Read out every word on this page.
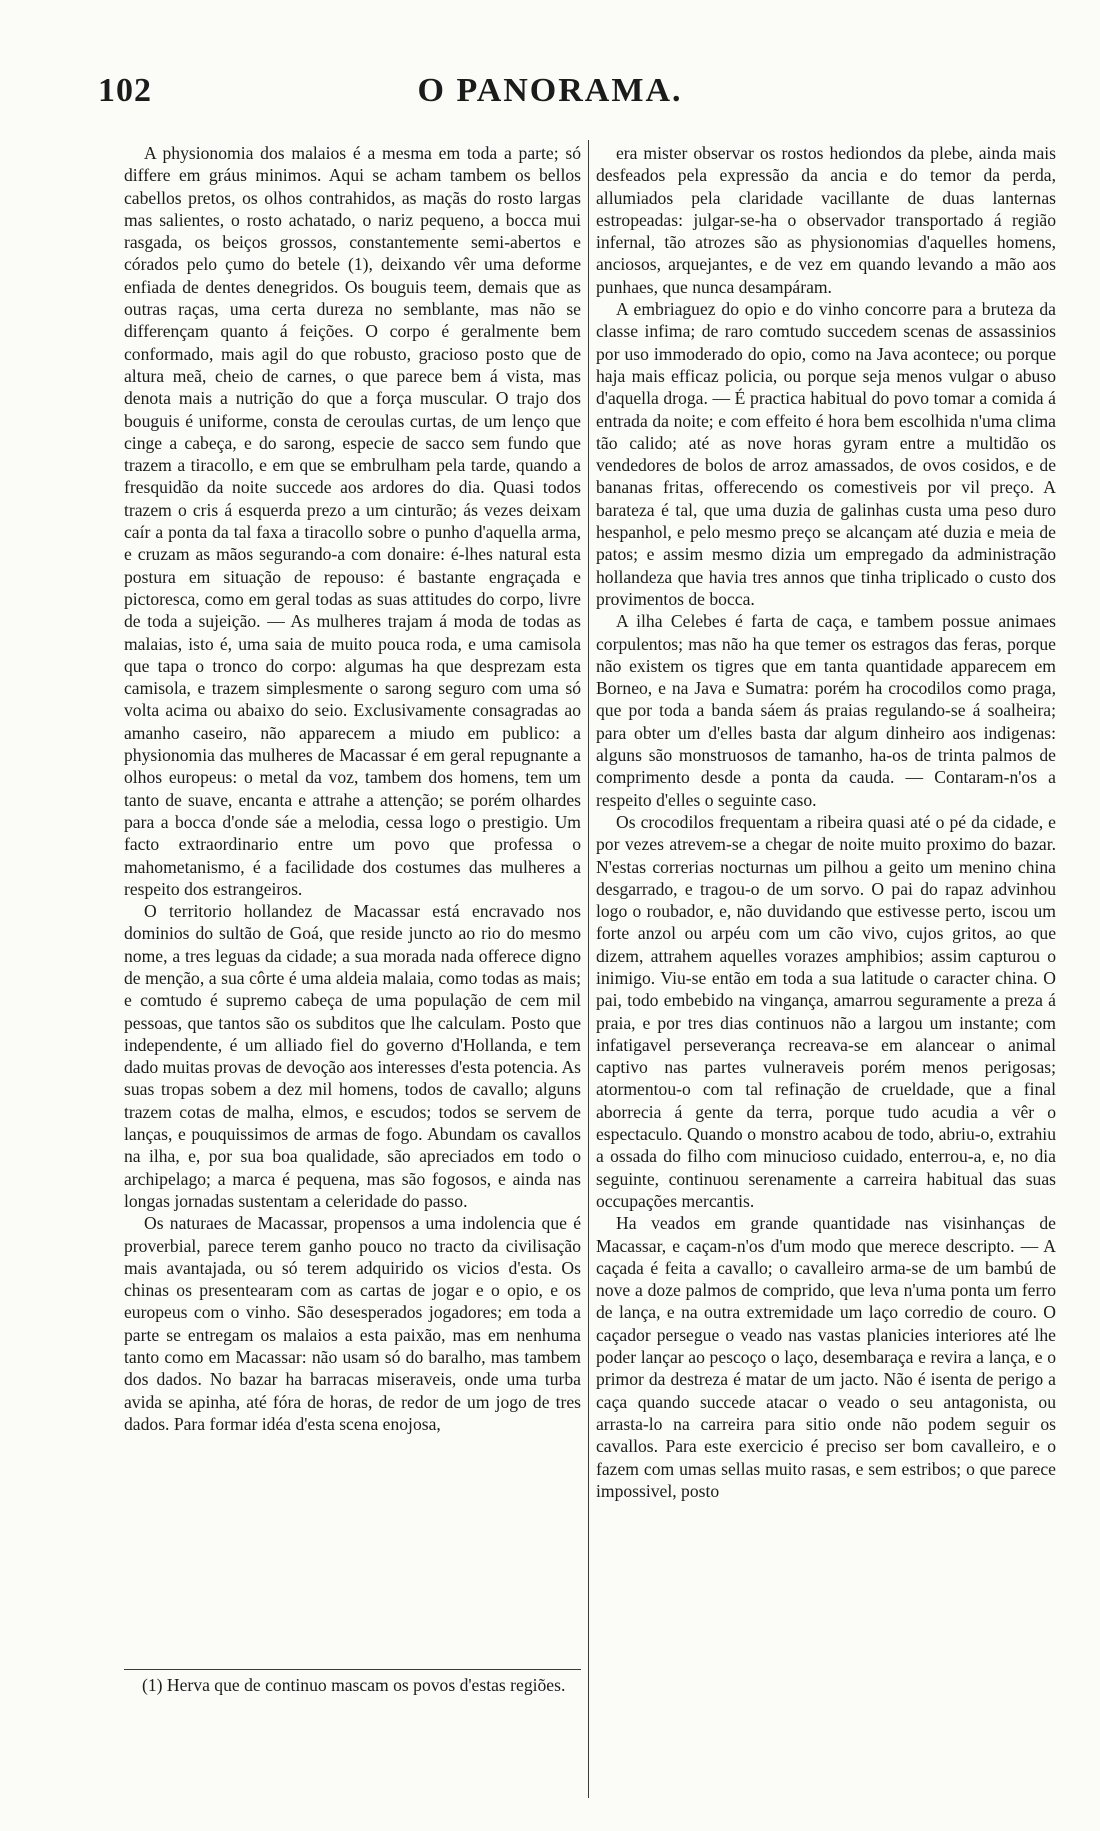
102	O PANORAMA.

A physionomia dos malaios é a mesma em toda a parte; só differe em gráus minimos. Aqui se acham tambem os bellos cabellos pretos, os olhos contrahidos, as maçãs do rosto largas mas salientes, o rosto achatado, o nariz pequeno, a bocca mui rasgada, os beiços grossos, constantemente semi-abertos e córados pelo çumo do betele (1), deixando vêr uma deforme enfiada de dentes denegridos. Os bouguis teem, demais que as outras raças, uma certa dureza no semblante, mas não se differençam quanto á feições. O corpo é geralmente bem conformado, mais agil do que robusto, gracioso posto que de altura meã, cheio de carnes, o que parece bem á vista, mas denota mais a nutrição do que a força muscular. O trajo dos bouguis é uniforme, consta de ceroulas curtas, de um lenço que cinge a cabeça, e do sarong, especie de sacco sem fundo que trazem a tiracollo, e em que se embrulham pela tarde, quando a fresquidão da noite succede aos ardores do dia. Quasi todos trazem o cris á esquerda prezo a um cinturão; ás vezes deixam caír a ponta da tal faxa a tiracollo sobre o punho d'aquella arma, e cruzam as mãos segurando-a com donaire: é-lhes natural esta postura em situação de repouso: é bastante engraçada e pictoresca, como em geral todas as suas attitudes do corpo, livre de toda a sujeição. — As mulheres trajam á moda de todas as malaias, isto é, uma saia de muito pouca roda, e uma camisola que tapa o tronco do corpo: algumas ha que desprezam esta camisola, e trazem simplesmente o sarong seguro com uma só volta acima ou abaixo do seio. Exclusivamente consagradas ao amanho caseiro, não apparecem a miudo em publico: a physionomia das mulheres de Macassar é em geral repugnante a olhos europeus: o metal da voz, tambem dos homens, tem um tanto de suave, encanta e attrahe a attenção; se porém olhardes para a bocca d'onde sáe a melodia, cessa logo o prestigio. Um facto extraordinario entre um povo que professa o mahometanismo, é a facilidade dos costumes das mulheres a respeito dos estrangeiros.

O territorio hollandez de Macassar está encravado nos dominios do sultão de Goá, que reside juncto ao rio do mesmo nome, a tres leguas da cidade; a sua morada nada offerece digno de menção, a sua côrte é uma aldeia malaia, como todas as mais; e comtudo é supremo cabeça de uma população de cem mil pessoas, que tantos são os subditos que lhe calculam. Posto que independente, é um alliado fiel do governo d'Hollanda, e tem dado muitas provas de devoção aos interesses d'esta potencia. As suas tropas sobem a dez mil homens, todos de cavallo; alguns trazem cotas de malha, elmos, e escudos; todos se servem de lanças, e pouquissimos de armas de fogo. Abundam os cavallos na ilha, e, por sua boa qualidade, são apreciados em todo o archipelago; a marca é pequena, mas são fogosos, e ainda nas longas jornadas sustentam a celeridade do passo.

Os naturaes de Macassar, propensos a uma indolencia que é proverbial, parece terem ganho pouco no tracto da civilisação mais avantajada, ou só terem adquirido os vicios d'esta. Os chinas os presentearam com as cartas de jogar e o opio, e os europeus com o vinho. São desesperados jogadores; em toda a parte se entregam os malaios a esta paixão, mas em nenhuma tanto como em Macassar: não usam só do baralho, mas tambem dos dados. No bazar ha barracas miseraveis, onde uma turba avida se apinha, até fóra de horas, de redor de um jogo de tres dados. Para formar idéa d'esta scena enojosa,

(1) Herva que de continuo mascam os povos d'estas regiões.

era mister observar os rostos hediondos da plebe, ainda mais desfeados pela expressão da ancia e do temor da perda, allumiados pela claridade vacillante de duas lanternas estropeadas: julgar-se-ha o observador transportado á região infernal, tão atrozes são as physionomias d'aquelles homens, anciosos, arquejantes, e de vez em quando levando a mão aos punhaes, que nunca desampáram.

A embriaguez do opio e do vinho concorre para a bruteza da classe infima; de raro comtudo succedem scenas de assassinios por uso immoderado do opio, como na Java acontece; ou porque haja mais efficaz policia, ou porque seja menos vulgar o abuso d'aquella droga. — É practica habitual do povo tomar a comida á entrada da noite; e com effeito é hora bem escolhida n'uma clima tão calido; até as nove horas gyram entre a multidão os vendedores de bolos de arroz amassados, de ovos cosidos, e de bananas fritas, offerecendo os comestiveis por vil preço. A barateza é tal, que uma duzia de galinhas custa uma peso duro hespanhol, e pelo mesmo preço se alcançam até duzia e meia de patos; e assim mesmo dizia um empregado da administração hollandeza que havia tres annos que tinha triplicado o custo dos provimentos de bocca.

A ilha Celebes é farta de caça, e tambem possue animaes corpulentos; mas não ha que temer os estragos das feras, porque não existem os tigres que em tanta quantidade apparecem em Borneo, e na Java e Sumatra: porém ha crocodilos como praga, que por toda a banda sáem ás praias regulando-se á soalheira; para obter um d'elles basta dar algum dinheiro aos indigenas: alguns são monstruosos de tamanho, ha-os de trinta palmos de comprimento desde a ponta da cauda. — Contaram-n'os a respeito d'elles o seguinte caso.

Os crocodilos frequentam a ribeira quasi até o pé da cidade, e por vezes atrevem-se a chegar de noite muito proximo do bazar. N'estas correrias nocturnas um pilhou a geito um menino china desgarrado, e tragou-o de um sorvo. O pai do rapaz advinhou logo o roubador, e, não duvidando que estivesse perto, iscou um forte anzol ou arpéu com um cão vivo, cujos gritos, ao que dizem, attrahem aquelles vorazes amphibios; assim capturou o inimigo. Viu-se então em toda a sua latitude o caracter china. O pai, todo embebido na vingança, amarrou seguramente a preza á praia, e por tres dias continuos não a largou um instante; com infatigavel perseverança recreava-se em alancear o animal captivo nas partes vulneraveis porém menos perigosas; atormentou-o com tal refinação de crueldade, que a final aborrecia á gente da terra, porque tudo acudia a vêr o espectaculo. Quando o monstro acabou de todo, abriu-o, extrahiu a ossada do filho com minucioso cuidado, enterrou-a, e, no dia seguinte, continuou serenamente a carreira habitual das suas occupações mercantis.

Ha veados em grande quantidade nas visinhanças de Macassar, e caçam-n'os d'um modo que merece descripto. — A caçada é feita a cavallo; o cavalleiro arma-se de um bambú de nove a doze palmos de comprido, que leva n'uma ponta um ferro de lança, e na outra extremidade um laço corredio de couro. O caçador persegue o veado nas vastas planicies interiores até lhe poder lançar ao pescoço o laço, desembaraça e revira a lança, e o primor da destreza é matar de um jacto. Não é isenta de perigo a caça quando succede atacar o veado o seu antagonista, ou arrasta-lo na carreira para sitio onde não podem seguir os cavallos. Para este exercicio é preciso ser bom cavalleiro, e o fazem com umas sellas muito rasas, e sem estribos; o que parece impossivel, posto
